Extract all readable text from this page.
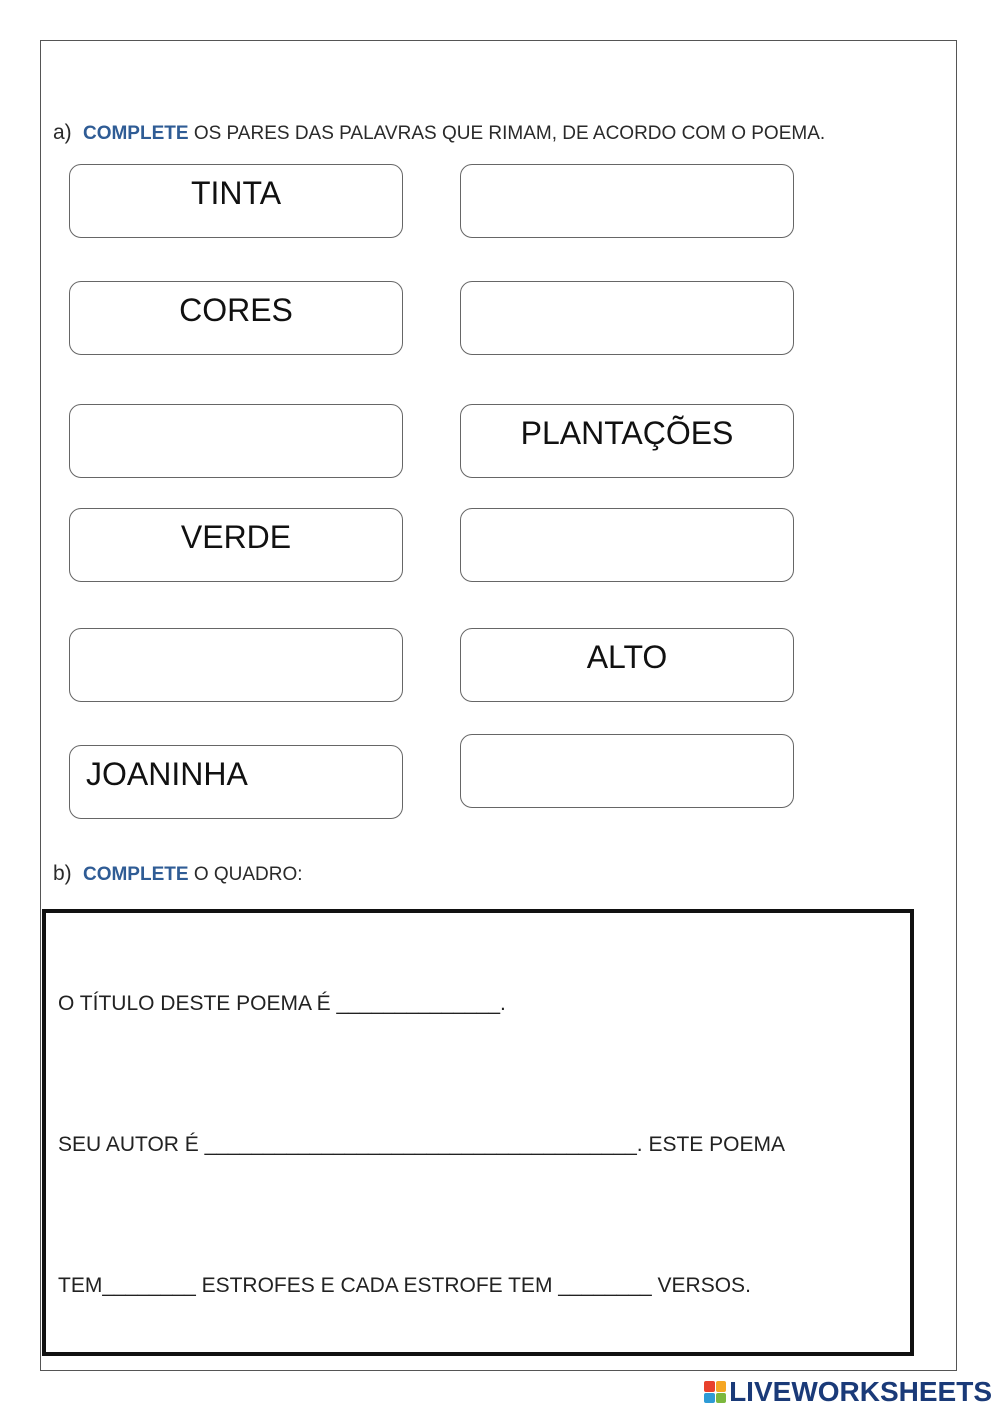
a) COMPLETE OS PARES DAS PALAVRAS QUE RIMAM, DE ACORDO COM O POEMA.
TINTA
CORES
PLANTAÇÕES
VERDE
ALTO
JOANINHA
b) COMPLETE O QUADRO:
O TÍTULO DESTE POEMA É ______________.
SEU AUTOR É _____________________________________. ESTE POEMA
TEM________ ESTROFES E CADA ESTROFE TEM ________ VERSOS.
LIVEWORKSHEETS
